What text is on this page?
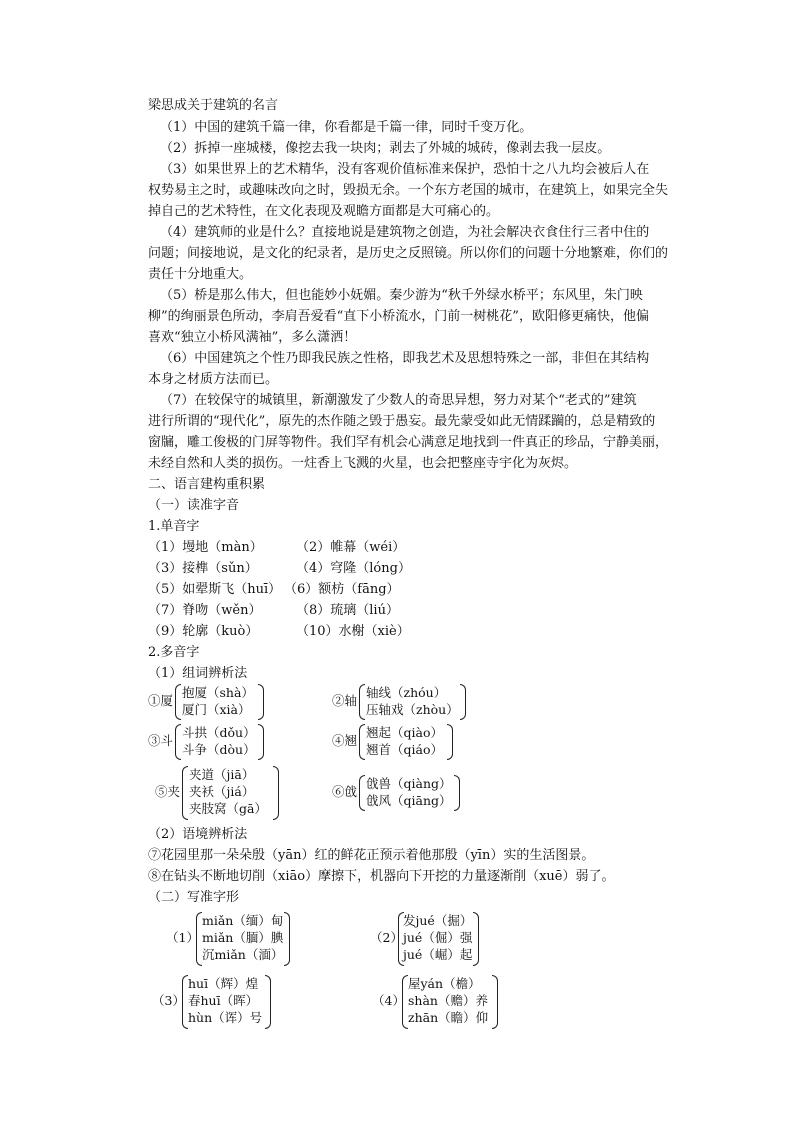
梁思成关于建筑的名言
（1）中国的建筑千篇一律，你看都是千篇一律，同时千变万化。
（2）拆掉一座城楼，像挖去我一块肉；剥去了外城的城砖，像剥去我一层皮。
（3）如果世界上的艺术精华，没有客观价值标准来保护，恐怕十之八九均会被后人在
权势易主之时，或趣味改向之时，毁损无余。一个东方老国的城市，在建筑上，如果完全失
掉自己的艺术特性，在文化表现及观瞻方面都是大可痛心的。
（4）建筑师的业是什么？直接地说是建筑物之创造，为社会解决衣食住行三者中住的
问题；间接地说，是文化的纪录者，是历史之反照镜。所以你们的问题十分地繁难，你们的
责任十分地重大。
（5）桥是那么伟大，但也能妙小妩媚。秦少游为“秋千外绿水桥平；东风里，朱门映
柳”的绚丽景色所动，李肩吾爱看“直下小桥流水，门前一树桃花”，欧阳修更痛快，他偏
喜欢“独立小桥风满袖”，多么潇洒！
（6）中国建筑之个性乃即我民族之性格，即我艺术及思想特殊之一部，非但在其结构
本身之材质方法而已。
（7）在较保守的城镇里，新潮激发了少数人的奇思异想，努力对某个“老式的”建筑
进行所谓的“现代化”，原先的杰作随之毁于愚妄。最先蒙受如此无情蹂躏的，总是精致的
窗牖，雕工俊极的门屏等物件。我们罕有机会心满意足地找到一件真正的珍品，宁静美丽，
未经自然和人类的损伤。一炷香上飞溅的火星，也会把整座寺宇化为灰烬。
二、语言建构重积累
（一）读准字音
1.单音字
（1）墁地（màn）	（2）帷幕（wéi）
（3）接榫（sǔn）	（4）穹隆（lóng）
（5）如翚斯飞（huī） （6）额枋（fāng）
（7）脊吻（wěn）	（8）琉璃（liú）
（9）轮廓（kuò）	（10）水榭（xiè）
2.多音字
（1）组词辨析法
①厦
抱厦（shà）
厦门（xià）
②轴
轴线（zhóu）
压轴戏（zhòu）
③斗
斗拱（dǒu）
斗争（dòu）
④翘
翘起（qiào）
翘首（qiáo）
⑤夹
夹道（jiā）
夹袄（jiá）
夹肢窝（gā）
⑥戗
戗兽（qiàng）
戗风（qiāng）
（2）语境辨析法
⑦花园里那一朵朵殷（yān）红的鲜花正预示着他那殷（yīn）实的生活图景。
⑧在钻头不断地切削（xiāo）摩擦下，机器向下开挖的力量逐渐削（xuē）弱了。
（二）写准字形
（1）
miǎn（缅）甸
miǎn（腼）腆
沉miǎn（湎）
（2）
发jué（掘）
jué（倔）强
jué（崛）起
（3）
huī（辉）煌
春huī（晖）
hùn（诨）号
（4）
屋yán（檐）
shàn（赡）养
zhān（瞻）仰
